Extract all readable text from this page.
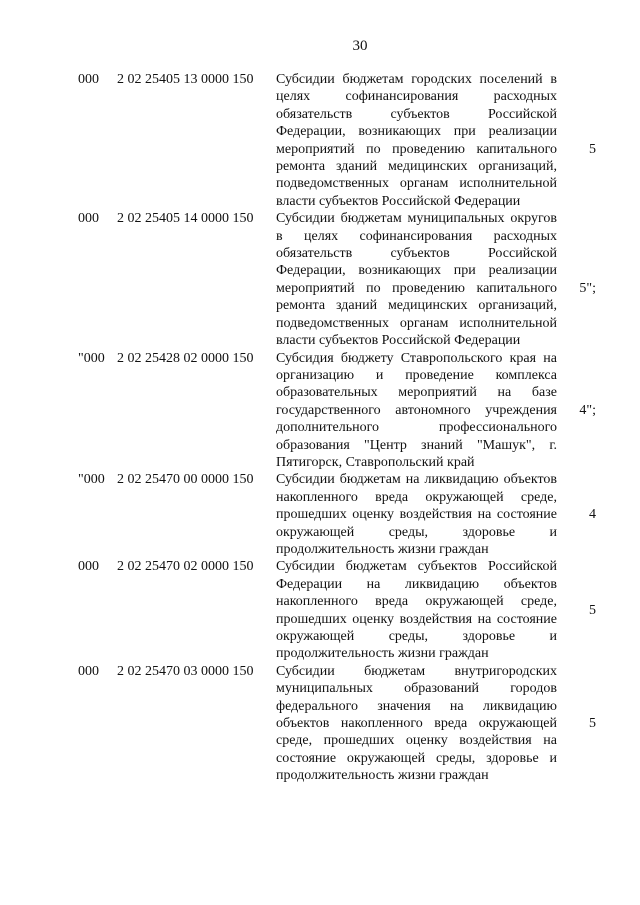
30
000 2 02 25405 13 0000 150 Субсидии бюджетам городских поселений в целях софинансирования расходных обязательств субъектов Российской Федерации, возникающих при реализации мероприятий по проведению капитального ремонта зданий медицинских организаций, подведомственных органам исполнительной власти субъектов Российской Федерации
5
000 2 02 25405 14 0000 150 Субсидии бюджетам муниципальных округов в целях софинансирования расходных обязательств субъектов Российской Федерации, возникающих при реализации мероприятий по проведению капитального ремонта зданий медицинских организаций, подведомственных органам исполнительной власти субъектов Российской Федерации
5";
"000 2 02 25428 02 0000 150 Субсидия бюджету Ставропольского края на организацию и проведение комплекса образовательных мероприятий на базе государственного автономного учреждения дополнительного профессионального образования "Центр знаний "Машук", г. Пятигорск, Ставропольский край
4";
"000 2 02 25470 00 0000 150 Субсидии бюджетам на ликвидацию объектов накопленного вреда окружающей среде, прошедших оценку воздействия на состояние окружающей среды, здоровье и продолжительность жизни граждан
4
000 2 02 25470 02 0000 150 Субсидии бюджетам субъектов Российской Федерации на ликвидацию объектов накопленного вреда окружающей среде, прошедших оценку воздействия на состояние окружающей среды, здоровье и продолжительность жизни граждан
5
000 2 02 25470 03 0000 150 Субсидии бюджетам внутригородских муниципальных образований городов федерального значения на ликвидацию объектов накопленного вреда окружающей среде, прошедших оценку воздействия на состояние окружающей среды, здоровье и продолжительность жизни граждан
5
